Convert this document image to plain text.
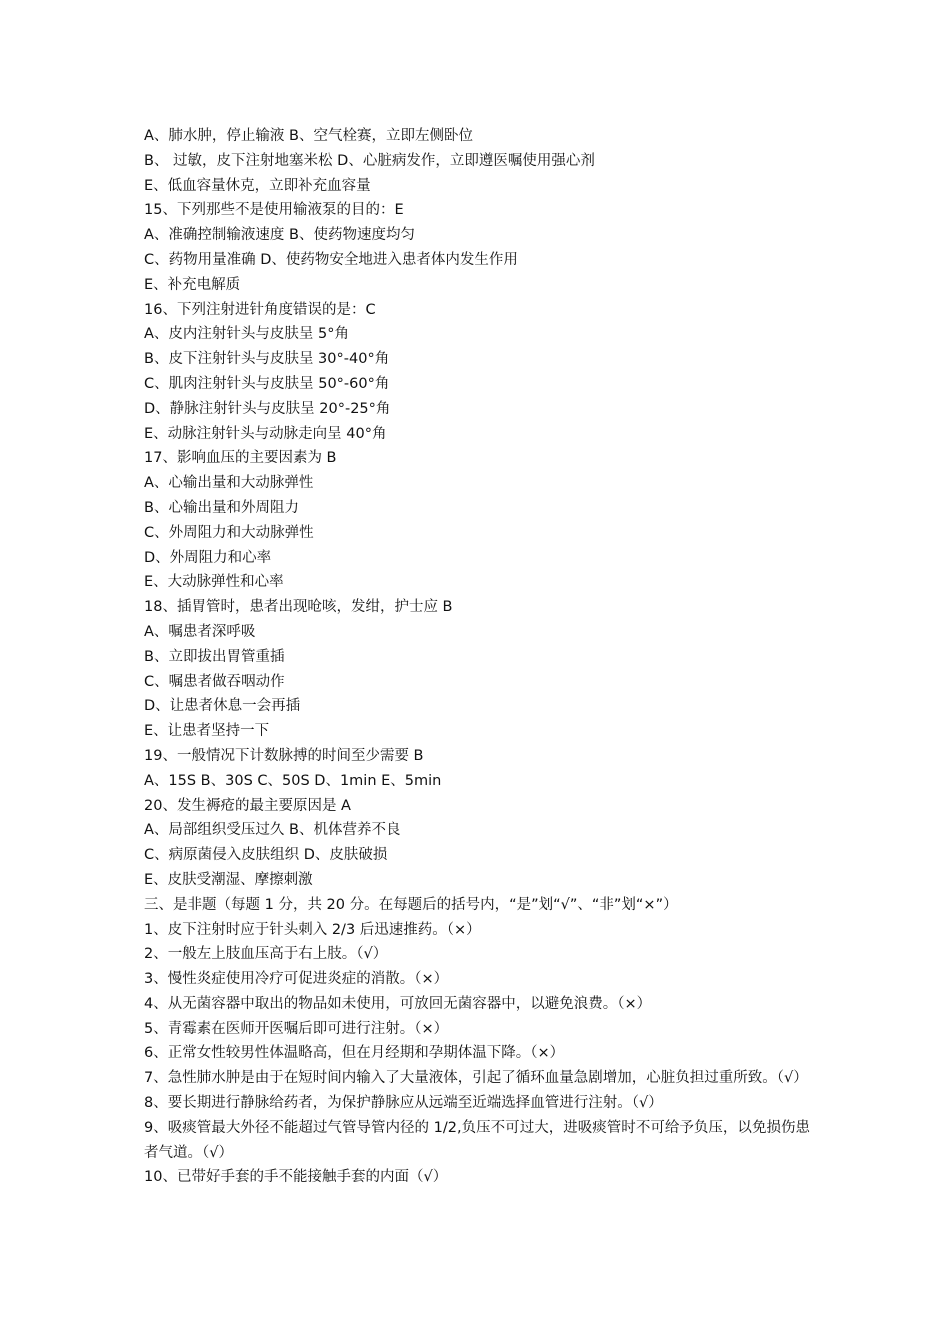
A、肺水肿，停止输液 B、空气栓赛，立即左侧卧位
B、 过敏，皮下注射地塞米松 D、心脏病发作，立即遵医嘱使用强心剂
E、低血容量休克，立即补充血容量
15、下列那些不是使用输液泵的目的：E
A、准确控制输液速度 B、使药物速度均匀
C、药物用量准确 D、使药物安全地进入患者体内发生作用
E、补充电解质
16、下列注射进针角度错误的是：C
A、皮内注射针头与皮肤呈 5°角
B、皮下注射针头与皮肤呈 30°-40°角
C、肌肉注射针头与皮肤呈 50°-60°角
D、静脉注射针头与皮肤呈 20°-25°角
E、动脉注射针头与动脉走向呈 40°角
17、影响血压的主要因素为 B
A、心输出量和大动脉弹性
B、心输出量和外周阻力
C、外周阻力和大动脉弹性
D、外周阻力和心率
E、大动脉弹性和心率
18、插胃管时，患者出现呛咳，发绀，护士应 B
A、嘱患者深呼吸
B、立即拔出胃管重插
C、嘱患者做吞咽动作
D、让患者休息一会再插
E、让患者坚持一下
19、一般情况下计数脉搏的时间至少需要 B
A、15S B、30S C、50S D、1min E、5min
20、发生褥疮的最主要原因是 A
A、局部组织受压过久 B、机体营养不良
C、病原菌侵入皮肤组织 D、皮肤破损
E、皮肤受潮湿、摩擦刺激
三、是非题（每题 1 分，共 20 分。在每题后的括号内，“是”划“√”、“非”划“×”）
1、皮下注射时应于针头刺入 2/3 后迅速推药。（×）
2、一般左上肢血压高于右上肢。（√）
3、慢性炎症使用冷疗可促进炎症的消散。（×）
4、从无菌容器中取出的物品如未使用，可放回无菌容器中，以避免浪费。（×）
5、青霉素在医师开医嘱后即可进行注射。（×）
6、正常女性较男性体温略高，但在月经期和孕期体温下降。（×）
7、急性肺水肿是由于在短时间内输入了大量液体，引起了循环血量急剧增加，心脏负担过重所致。（√）
8、要长期进行静脉给药者，为保护静脉应从远端至近端选择血管进行注射。（√）
9、吸痰管最大外径不能超过气管导管内径的 1/2,负压不可过大，进吸痰管时不可给予负压，以免损伤患者气道。（√）
10、已带好手套的手不能接触手套的内面（√）
